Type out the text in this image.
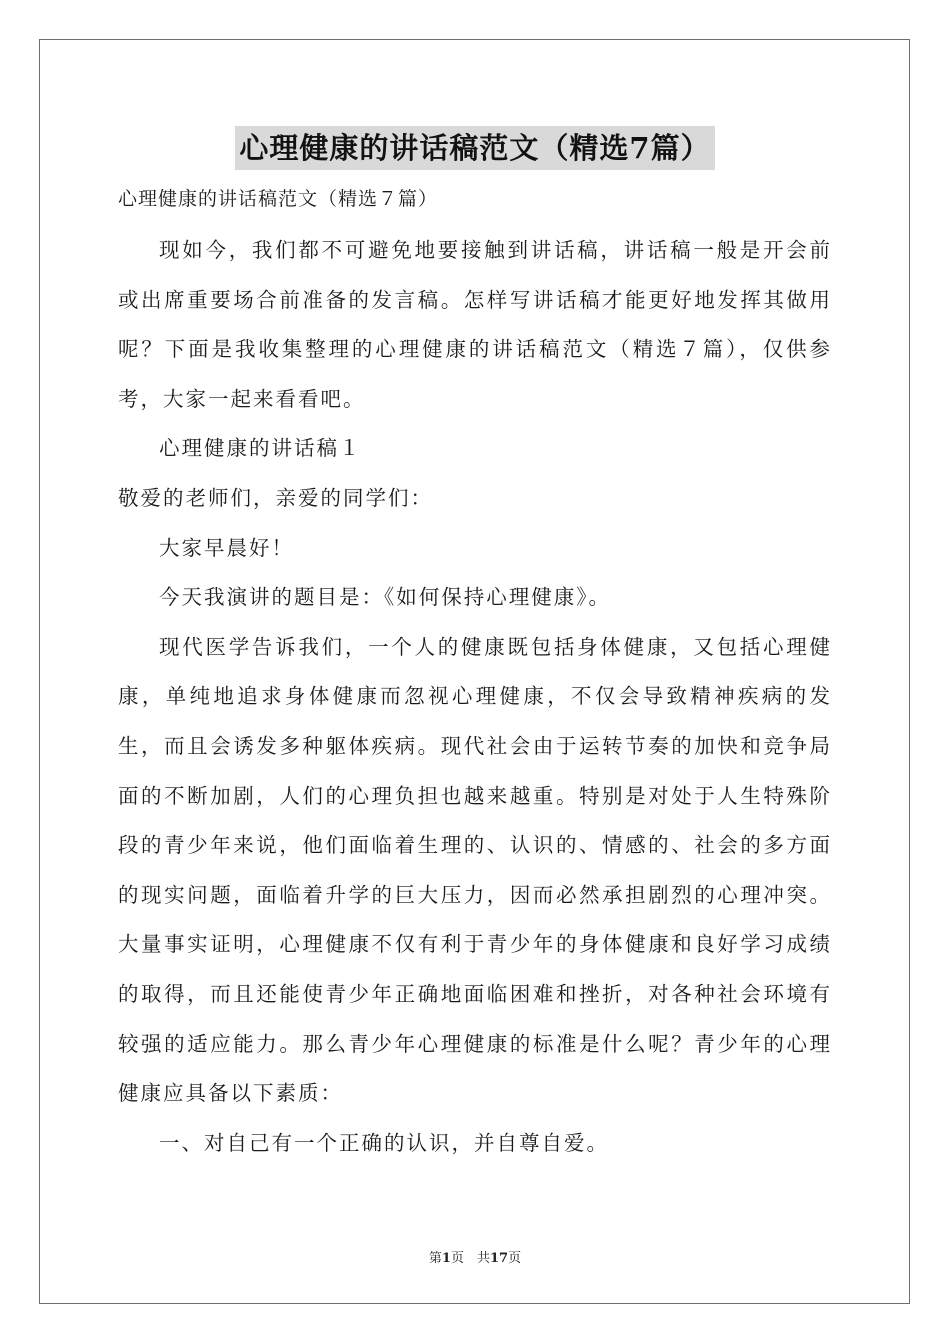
心理健康的讲话稿范文（精选7篇）
心理健康的讲话稿范文（精选７篇）

现如今，我们都不可避免地要接触到讲话稿，讲话稿一般是开会前或出席重要场合前准备的发言稿。怎样写讲话稿才能更好地发挥其做用呢？下面是我收集整理的心理健康的讲话稿范文（精选７篇），仅供参考，大家一起来看看吧。

心理健康的讲话稿１

敬爱的老师们，亲爱的同学们：

大家早晨好！

今天我演讲的题目是：《如何保持心理健康》。

现代医学告诉我们，一个人的健康既包括身体健康，又包括心理健康，单纯地追求身体健康而忽视心理健康，不仅会导致精神疾病的发生，而且会诱发多种躯体疾病。现代社会由于运转节奏的加快和竞争局面的不断加剧，人们的心理负担也越来越重。特别是对处于人生特殊阶段的青少年来说，他们面临着生理的、认识的、情感的、社会的多方面的现实问题，面临着升学的巨大压力，因而必然承担剧烈的心理冲突。大量事实证明，心理健康不仅有利于青少年的身体健康和良好学习成绩的取得，而且还能使青少年正确地面临困难和挫折，对各种社会环境有较强的适应能力。那么青少年心理健康的标准是什么呢？青少年的心理健康应具备以下素质：

一、对自己有一个正确的认识，并自尊自爱。

第1页　共17页
